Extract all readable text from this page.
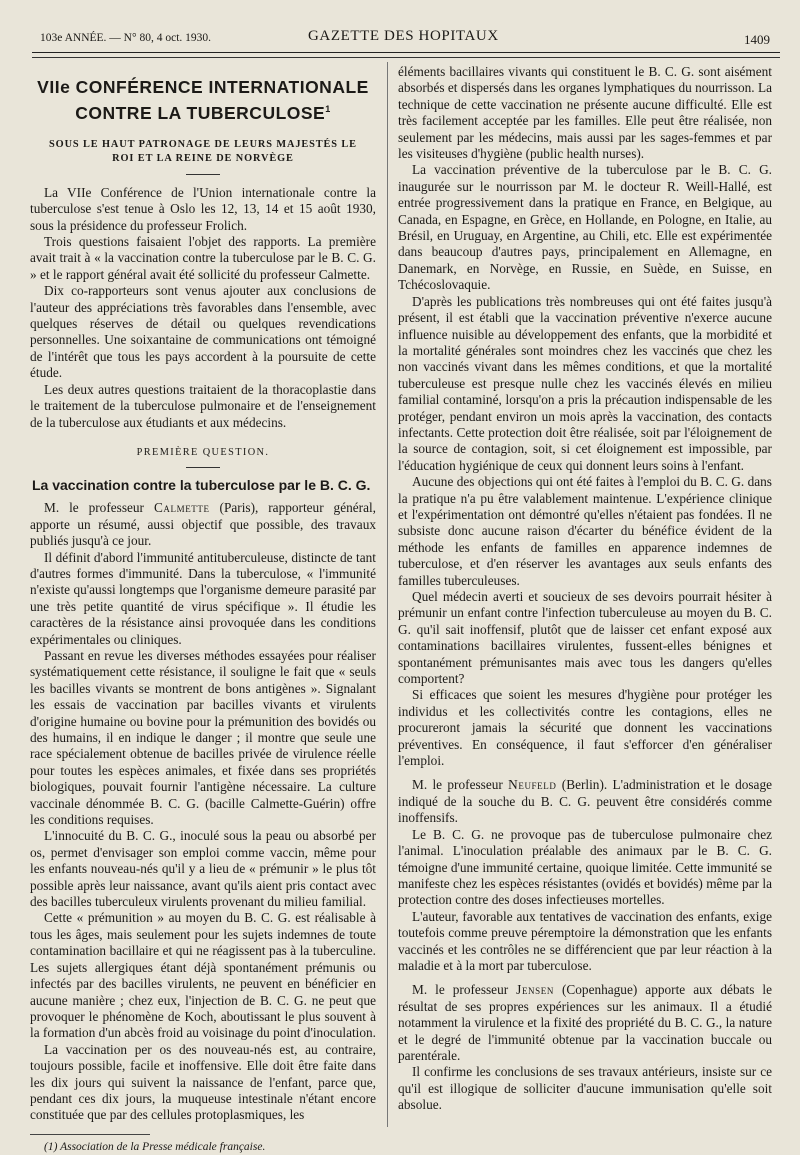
103e ANNÉE. — N° 80, 4 oct. 1930.	GAZETTE DES HOPITAUX	1409
VIIe CONFÉRENCE INTERNATIONALE
CONTRE LA TUBERCULOSE$^1$
SOUS LE HAUT PATRONAGE DE LEURS MAJESTÉS LE ROI ET LA REINE DE NORVÈGE

La VIIe Conférence de l'Union internationale contre la tuberculose s'est tenue à Oslo les 12, 13, 14 et 15 août 1930, sous la présidence du professeur Frolich.

Trois questions faisaient l'objet des rapports. La première avait trait à « la vaccination contre la tuberculose par le B. C. G. » et le rapport général avait été sollicité du professeur Calmette.

Dix co-rapporteurs sont venus ajouter aux conclusions de l'auteur des appréciations très favorables dans l'ensemble, avec quelques réserves de détail ou quelques revendications personnelles. Une soixantaine de communications ont témoigné de l'intérêt que tous les pays accordent à la poursuite de cette étude.

Les deux autres questions traitaient de la thoracoplastie dans le traitement de la tuberculose pulmonaire et de l'enseignement de la tuberculose aux étudiants et aux médecins.

PREMIÈRE QUESTION.
La vaccination contre la tuberculose par le B. C. G.

M. le professeur Calmette (Paris), rapporteur général, apporte un résumé, aussi objectif que possible, des travaux publiés jusqu'à ce jour.

Il définit d'abord l'immunité antituberculeuse, distincte de tant d'autres formes d'immunité. Dans la tuberculose, « l'immunité n'existe qu'aussi longtemps que l'organisme demeure parasité par une très petite quantité de virus spécifique ». Il étudie les caractères de la résistance ainsi provoquée dans les conditions expérimentales ou cliniques.

Passant en revue les diverses méthodes essayées pour réaliser systématiquement cette résistance, il souligne le fait que « seuls les bacilles vivants se montrent de bons antigènes ». Signalant les essais de vaccination par bacilles vivants et virulents d'origine humaine ou bovine pour la prémunition des bovidés ou des humains, il en indique le danger ; il montre que seule une race spécialement obtenue de bacilles privée de virulence réelle pour toutes les espèces animales, et fixée dans ses propriétés biologiques, pouvait fournir l'antigène nécessaire. La culture vaccinale dénommée B. C. G. (bacille Calmette-Guérin) offre les conditions requises.

L'innocuité du B. C. G., inoculé sous la peau ou absorbé per os, permet d'envisager son emploi comme vaccin, même pour les enfants nouveau-nés qu'il y a lieu de « prémunir » le plus tôt possible après leur naissance, avant qu'ils aient pris contact avec des bacilles tuberculeux virulents provenant du milieu familial.

Cette « prémunition » au moyen du B. C. G. est réalisable à tous les âges, mais seulement pour les sujets indemnes de toute contamination bacillaire et qui ne réagissent pas à la tuberculine. Les sujets allergiques étant déjà spontanément prémunis ou infectés par des bacilles virulents, ne peuvent en bénéficier en aucune manière ; chez eux, l'injection de B. C. G. ne peut que provoquer le phénomène de Koch, aboutissant le plus souvent à la formation d'un abcès froid au voisinage du point d'inoculation.

La vaccination per os des nouveau-nés est, au contraire, toujours possible, facile et inoffensive. Elle doit être faite dans les dix jours qui suivent la naissance de l'enfant, parce que, pendant ces dix jours, la muqueuse intestinale n'étant encore constituée que par des cellules protoplasmiques, les

(1) Association de la Presse médicale française.

éléments bacillaires vivants qui constituent le B. C. G. sont aisément absorbés et dispersés dans les organes lymphatiques du nourrisson. La technique de cette vaccination ne présente aucune difficulté. Elle est très facilement acceptée par les familles. Elle peut être réalisée, non seulement par les médecins, mais aussi par les sages-femmes et par les visiteuses d'hygiène (public health nurses).

La vaccination préventive de la tuberculose par le B. C. G. inaugurée sur le nourrisson par M. le docteur R. Weill-Hallé, est entrée progressivement dans la pratique en France, en Belgique, au Canada, en Espagne, en Grèce, en Hollande, en Pologne, en Italie, au Brésil, en Uruguay, en Argentine, au Chili, etc. Elle est expérimentée dans beaucoup d'autres pays, principalement en Allemagne, en Danemark, en Norvège, en Russie, en Suède, en Suisse, en Tchécoslovaquie.

D'après les publications très nombreuses qui ont été faites jusqu'à présent, il est établi que la vaccination préventive n'exerce aucune influence nuisible au développement des enfants, que la morbidité et la mortalité générales sont moindres chez les vaccinés que chez les non vaccinés vivant dans les mêmes conditions, et que la mortalité tuberculeuse est presque nulle chez les vaccinés élevés en milieu familial contaminé, lorsqu'on a pris la précaution indispensable de les protéger, pendant environ un mois après la vaccination, des contacts infectants. Cette protection doit être réalisée, soit par l'éloignement de la source de contagion, soit, si cet éloignement est impossible, par l'éducation hygiénique de ceux qui donnent leurs soins à l'enfant.

Aucune des objections qui ont été faites à l'emploi du B. C. G. dans la pratique n'a pu être valablement maintenue. L'expérience clinique et l'expérimentation ont démontré qu'elles n'étaient pas fondées. Il ne subsiste donc aucune raison d'écarter du bénéfice évident de la méthode les enfants de familles en apparence indemnes de tuberculose, et d'en réserver les avantages aux seuls enfants des familles tuberculeuses.

Quel médecin averti et soucieux de ses devoirs pourrait hésiter à prémunir un enfant contre l'infection tuberculeuse au moyen du B. C. G. qu'il sait inoffensif, plutôt que de laisser cet enfant exposé aux contaminations bacillaires virulentes, fussent-elles bénignes et spontanément prémunisantes mais avec tous les dangers qu'elles comportent?

Si efficaces que soient les mesures d'hygiène pour protéger les individus et les collectivités contre les contagions, elles ne procureront jamais la sécurité que donnent les vaccinations préventives. En conséquence, il faut s'efforcer d'en généraliser l'emploi.

M. le professeur Neufeld (Berlin). L'administration et le dosage indiqué de la souche du B. C. G. peuvent être considérés comme inoffensifs.

Le B. C. G. ne provoque pas de tuberculose pulmonaire chez l'animal. L'inoculation préalable des animaux par le B. C. G. témoigne d'une immunité certaine, quoique limitée. Cette immunité se manifeste chez les espèces résistantes (ovidés et bovidés) même par la protection contre des doses infectieuses mortelles.

L'auteur, favorable aux tentatives de vaccination des enfants, exige toutefois comme preuve péremptoire la démonstration que les enfants vaccinés et les contrôles ne se différencient que par leur réaction à la maladie et à la mort par tuberculose.

M. le professeur Jensen (Copenhague) apporte aux débats le résultat de ses propres expériences sur les animaux. Il a étudié notamment la virulence et la fixité des propriété du B. C. G., la nature et le degré de l'immunité obtenue par la vaccination buccale ou parentérale.

Il confirme les conclusions de ses travaux antérieurs, insiste sur ce qu'il est illogique de solliciter d'aucune immunisation qu'elle soit absolue.
